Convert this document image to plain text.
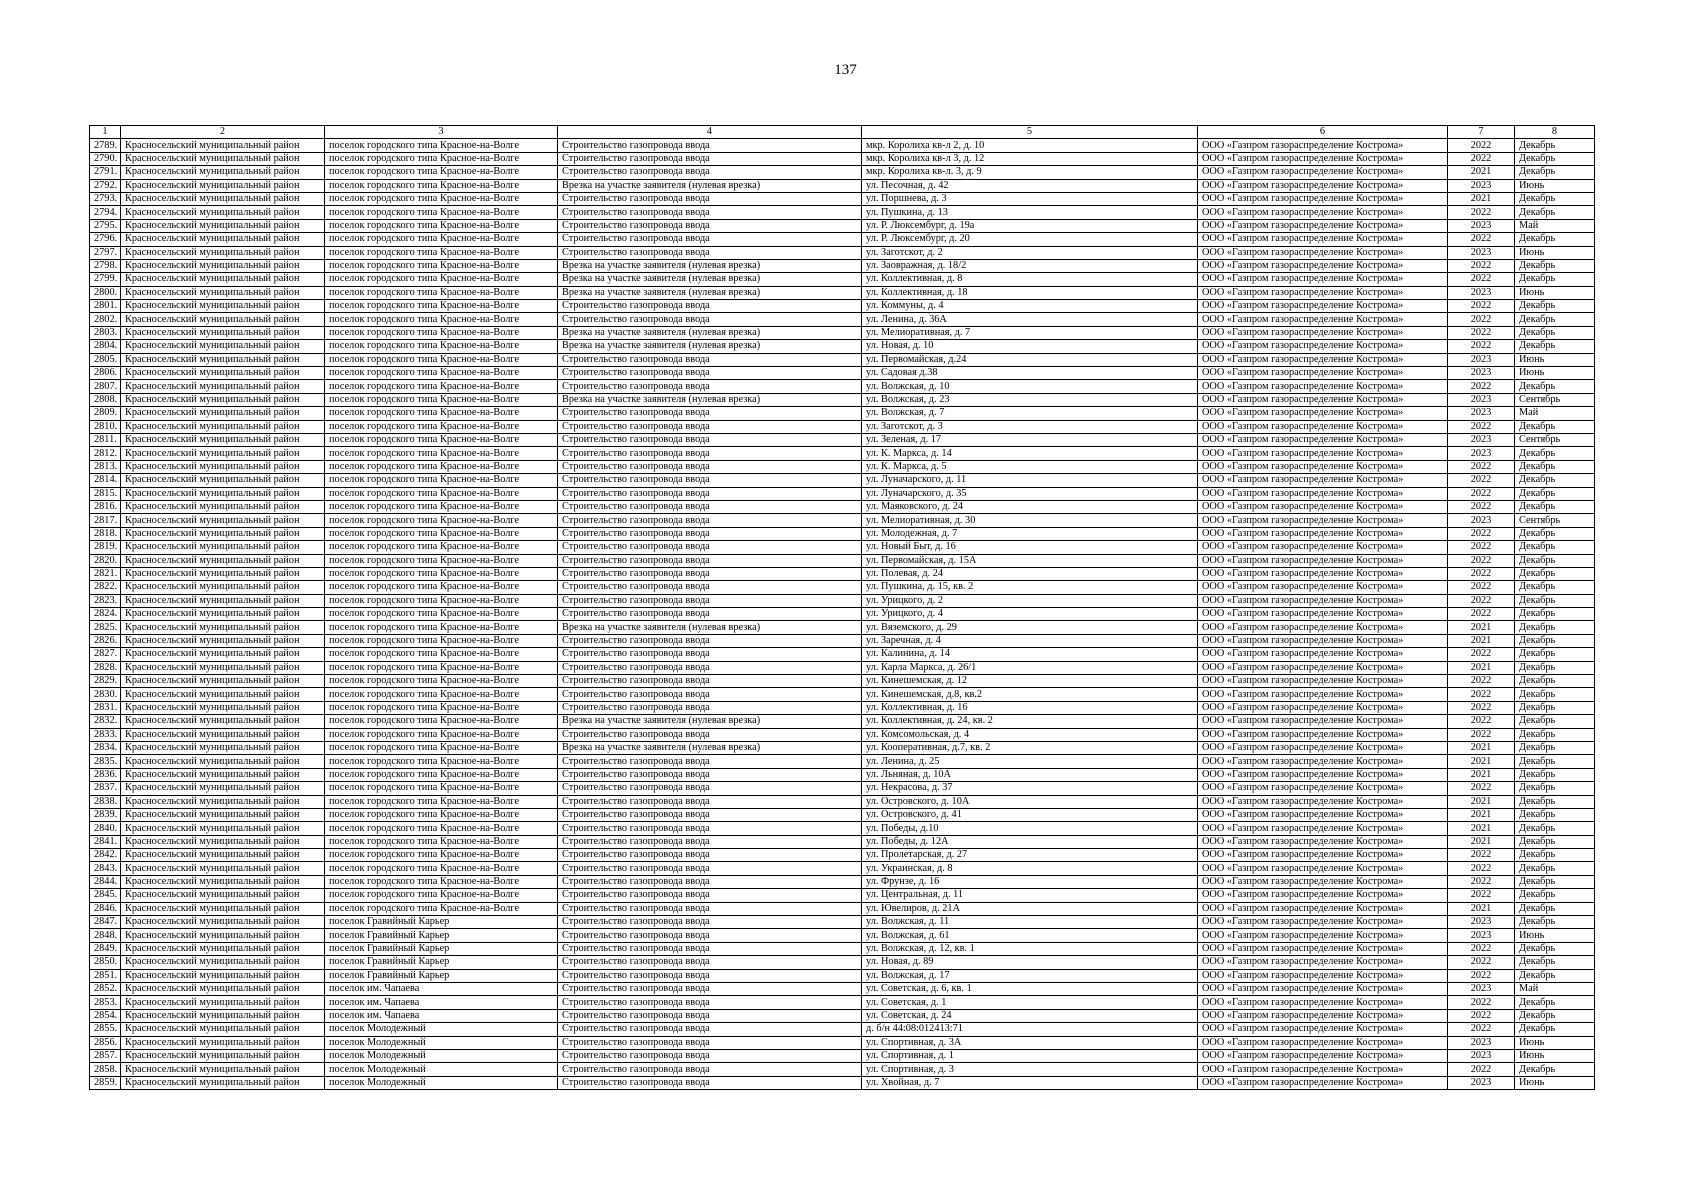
137
1	2	3	4	5	6	7	8
2789.	Красносельский муниципальный район	поселок городского типа Красное-на-Волге	Строительство газопровода ввода	мкр. Королиха кв-л 2, д. 10	ООО «Газпром газораспределение Кострома»	2022	Декабрь
2790.	Красносельский муниципальный район	поселок городского типа Красное-на-Волге	Строительство газопровода ввода	мкр. Королиха кв-л 3, д. 12	ООО «Газпром газораспределение Кострома»	2022	Декабрь
2791.	Красносельский муниципальный район	поселок городского типа Красное-на-Волге	Строительство газопровода ввода	мкр. Королиха кв-л. 3, д. 9	ООО «Газпром газораспределение Кострома»	2021	Декабрь
2792.	Красносельский муниципальный район	поселок городского типа Красное-на-Волге	Врезка на участке заявителя (нулевая врезка)	ул. Песочная, д. 42	ООО «Газпром газораспределение Кострома»	2023	Июнь
2793.	Красносельский муниципальный район	поселок городского типа Красное-на-Волге	Строительство газопровода ввода	ул. Поршнева, д. 3	ООО «Газпром газораспределение Кострома»	2021	Декабрь
2794.	Красносельский муниципальный район	поселок городского типа Красное-на-Волге	Строительство газопровода ввода	ул. Пушкина, д. 13	ООО «Газпром газораспределение Кострома»	2022	Декабрь
2795.	Красносельский муниципальный район	поселок городского типа Красное-на-Волге	Строительство газопровода ввода	ул. Р. Люксембург, д. 19а	ООО «Газпром газораспределение Кострома»	2023	Май
2796.	Красносельский муниципальный район	поселок городского типа Красное-на-Волге	Строительство газопровода ввода	ул. Р. Люксембург, д. 20	ООО «Газпром газораспределение Кострома»	2022	Декабрь
2797.	Красносельский муниципальный район	поселок городского типа Красное-на-Волге	Строительство газопровода ввода	ул. Заготскот, д. 2	ООО «Газпром газораспределение Кострома»	2023	Июнь
2798.	Красносельский муниципальный район	поселок городского типа Красное-на-Волге	Врезка на участке заявителя (нулевая врезка)	ул. Заовражная, д. 18/2	ООО «Газпром газораспределение Кострома»	2022	Декабрь
2799.	Красносельский муниципальный район	поселок городского типа Красное-на-Волге	Врезка на участке заявителя (нулевая врезка)	ул. Коллективная, д. 8	ООО «Газпром газораспределение Кострома»	2022	Декабрь
2800.	Красносельский муниципальный район	поселок городского типа Красное-на-Волге	Врезка на участке заявителя (нулевая врезка)	ул. Коллективная, д. 18	ООО «Газпром газораспределение Кострома»	2023	Июнь
2801.	Красносельский муниципальный район	поселок городского типа Красное-на-Волге	Строительство газопровода ввода	ул. Коммуны, д. 4	ООО «Газпром газораспределение Кострома»	2022	Декабрь
2802.	Красносельский муниципальный район	поселок городского типа Красное-на-Волге	Строительство газопровода ввода	ул. Ленина, д. 36А	ООО «Газпром газораспределение Кострома»	2022	Декабрь
2803.	Красносельский муниципальный район	поселок городского типа Красное-на-Волге	Врезка на участке заявителя (нулевая врезка)	ул. Мелиоративная, д. 7	ООО «Газпром газораспределение Кострома»	2022	Декабрь
2804.	Красносельский муниципальный район	поселок городского типа Красное-на-Волге	Врезка на участке заявителя (нулевая врезка)	ул. Новая, д. 10	ООО «Газпром газораспределение Кострома»	2022	Декабрь
2805.	Красносельский муниципальный район	поселок городского типа Красное-на-Волге	Строительство газопровода ввода	ул. Первомайская, д.24	ООО «Газпром газораспределение Кострома»	2023	Июнь
2806.	Красносельский муниципальный район	поселок городского типа Красное-на-Волге	Строительство газопровода ввода	ул. Садовая д.38	ООО «Газпром газораспределение Кострома»	2023	Июнь
2807.	Красносельский муниципальный район	поселок городского типа Красное-на-Волге	Строительство газопровода ввода	ул. Волжская, д. 10	ООО «Газпром газораспределение Кострома»	2022	Декабрь
2808.	Красносельский муниципальный район	поселок городского типа Красное-на-Волге	Врезка на участке заявителя (нулевая врезка)	ул. Волжская, д. 23	ООО «Газпром газораспределение Кострома»	2023	Сентябрь
2809.	Красносельский муниципальный район	поселок городского типа Красное-на-Волге	Строительство газопровода ввода	ул. Волжская, д. 7	ООО «Газпром газораспределение Кострома»	2023	Май
2810.	Красносельский муниципальный район	поселок городского типа Красное-на-Волге	Строительство газопровода ввода	ул. Заготскот, д. 3	ООО «Газпром газораспределение Кострома»	2022	Декабрь
2811.	Красносельский муниципальный район	поселок городского типа Красное-на-Волге	Строительство газопровода ввода	ул. Зеленая, д. 17	ООО «Газпром газораспределение Кострома»	2023	Сентябрь
2812.	Красносельский муниципальный район	поселок городского типа Красное-на-Волге	Строительство газопровода ввода	ул. К. Маркса, д. 14	ООО «Газпром газораспределение Кострома»	2023	Декабрь
2813.	Красносельский муниципальный район	поселок городского типа Красное-на-Волге	Строительство газопровода ввода	ул. К. Маркса, д. 5	ООО «Газпром газораспределение Кострома»	2022	Декабрь
2814.	Красносельский муниципальный район	поселок городского типа Красное-на-Волге	Строительство газопровода ввода	ул. Луначарского, д. 11	ООО «Газпром газораспределение Кострома»	2022	Декабрь
2815.	Красносельский муниципальный район	поселок городского типа Красное-на-Волге	Строительство газопровода ввода	ул. Луначарского, д. 35	ООО «Газпром газораспределение Кострома»	2022	Декабрь
2816.	Красносельский муниципальный район	поселок городского типа Красное-на-Волге	Строительство газопровода ввода	ул. Маяковского, д. 24	ООО «Газпром газораспределение Кострома»	2022	Декабрь
2817.	Красносельский муниципальный район	поселок городского типа Красное-на-Волге	Строительство газопровода ввода	ул. Мелиоративная, д. 30	ООО «Газпром газораспределение Кострома»	2023	Сентябрь
2818.	Красносельский муниципальный район	поселок городского типа Красное-на-Волге	Строительство газопровода ввода	ул. Молодежная, д. 7	ООО «Газпром газораспределение Кострома»	2022	Декабрь
2819.	Красносельский муниципальный район	поселок городского типа Красное-на-Волге	Строительство газопровода ввода	ул. Новый Быт, д. 16	ООО «Газпром газораспределение Кострома»	2022	Декабрь
2820.	Красносельский муниципальный район	поселок городского типа Красное-на-Волге	Строительство газопровода ввода	ул. Первомайская, д. 15А	ООО «Газпром газораспределение Кострома»	2022	Декабрь
2821.	Красносельский муниципальный район	поселок городского типа Красное-на-Волге	Строительство газопровода ввода	ул. Полевая, д. 24	ООО «Газпром газораспределение Кострома»	2022	Декабрь
2822.	Красносельский муниципальный район	поселок городского типа Красное-на-Волге	Строительство газопровода ввода	ул. Пушкина, д. 15, кв. 2	ООО «Газпром газораспределение Кострома»	2022	Декабрь
2823.	Красносельский муниципальный район	поселок городского типа Красное-на-Волге	Строительство газопровода ввода	ул. Урицкого, д. 2	ООО «Газпром газораспределение Кострома»	2022	Декабрь
2824.	Красносельский муниципальный район	поселок городского типа Красное-на-Волге	Строительство газопровода ввода	ул. Урицкого, д. 4	ООО «Газпром газораспределение Кострома»	2022	Декабрь
2825.	Красносельский муниципальный район	поселок городского типа Красное-на-Волге	Врезка на участке заявителя (нулевая врезка)	ул. Вяземского, д. 29	ООО «Газпром газораспределение Кострома»	2021	Декабрь
2826.	Красносельский муниципальный район	поселок городского типа Красное-на-Волге	Строительство газопровода ввода	ул. Заречная, д. 4	ООО «Газпром газораспределение Кострома»	2021	Декабрь
2827.	Красносельский муниципальный район	поселок городского типа Красное-на-Волге	Строительство газопровода ввода	ул. Калинина, д. 14	ООО «Газпром газораспределение Кострома»	2022	Декабрь
2828.	Красносельский муниципальный район	поселок городского типа Красное-на-Волге	Строительство газопровода ввода	ул. Карла Маркса, д. 26/1	ООО «Газпром газораспределение Кострома»	2021	Декабрь
2829.	Красносельский муниципальный район	поселок городского типа Красное-на-Волге	Строительство газопровода ввода	ул. Кинешемская, д. 12	ООО «Газпром газораспределение Кострома»	2022	Декабрь
2830.	Красносельский муниципальный район	поселок городского типа Красное-на-Волге	Строительство газопровода ввода	ул. Кинешемская, д.8, кв.2	ООО «Газпром газораспределение Кострома»	2022	Декабрь
2831.	Красносельский муниципальный район	поселок городского типа Красное-на-Волге	Строительство газопровода ввода	ул. Коллективная, д. 16	ООО «Газпром газораспределение Кострома»	2022	Декабрь
2832.	Красносельский муниципальный район	поселок городского типа Красное-на-Волге	Врезка на участке заявителя (нулевая врезка)	ул. Коллективная, д. 24, кв. 2	ООО «Газпром газораспределение Кострома»	2022	Декабрь
2833.	Красносельский муниципальный район	поселок городского типа Красное-на-Волге	Строительство газопровода ввода	ул. Комсомольская, д. 4	ООО «Газпром газораспределение Кострома»	2022	Декабрь
2834.	Красносельский муниципальный район	поселок городского типа Красное-на-Волге	Врезка на участке заявителя (нулевая врезка)	ул. Кооперативная, д.7, кв. 2	ООО «Газпром газораспределение Кострома»	2021	Декабрь
2835.	Красносельский муниципальный район	поселок городского типа Красное-на-Волге	Строительство газопровода ввода	ул. Ленина, д. 25	ООО «Газпром газораспределение Кострома»	2021	Декабрь
2836.	Красносельский муниципальный район	поселок городского типа Красное-на-Волге	Строительство газопровода ввода	ул. Льняная, д. 10А	ООО «Газпром газораспределение Кострома»	2021	Декабрь
2837.	Красносельский муниципальный район	поселок городского типа Красное-на-Волге	Строительство газопровода ввода	ул. Некрасова, д. 37	ООО «Газпром газораспределение Кострома»	2022	Декабрь
2838.	Красносельский муниципальный район	поселок городского типа Красное-на-Волге	Строительство газопровода ввода	ул. Островского, д. 10А	ООО «Газпром газораспределение Кострома»	2021	Декабрь
2839.	Красносельский муниципальный район	поселок городского типа Красное-на-Волге	Строительство газопровода ввода	ул. Островского, д. 41	ООО «Газпром газораспределение Кострома»	2021	Декабрь
2840.	Красносельский муниципальный район	поселок городского типа Красное-на-Волге	Строительство газопровода ввода	ул. Победы, д.10	ООО «Газпром газораспределение Кострома»	2021	Декабрь
2841.	Красносельский муниципальный район	поселок городского типа Красное-на-Волге	Строительство газопровода ввода	ул. Победы, д. 12А	ООО «Газпром газораспределение Кострома»	2021	Декабрь
2842.	Красносельский муниципальный район	поселок городского типа Красное-на-Волге	Строительство газопровода ввода	ул. Пролетарская, д. 27	ООО «Газпром газораспределение Кострома»	2022	Декабрь
2843.	Красносельский муниципальный район	поселок городского типа Красное-на-Волге	Строительство газопровода ввода	ул. Украинская, д. 8	ООО «Газпром газораспределение Кострома»	2022	Декабрь
2844.	Красносельский муниципальный район	поселок городского типа Красное-на-Волге	Строительство газопровода ввода	ул. Фрунзе, д. 16	ООО «Газпром газораспределение Кострома»	2022	Декабрь
2845.	Красносельский муниципальный район	поселок городского типа Красное-на-Волге	Строительство газопровода ввода	ул. Центральная, д. 11	ООО «Газпром газораспределение Кострома»	2022	Декабрь
2846.	Красносельский муниципальный район	поселок городского типа Красное-на-Волге	Строительство газопровода ввода	ул. Ювелиров, д. 21А	ООО «Газпром газораспределение Кострома»	2021	Декабрь
2847.	Красносельский муниципальный район	поселок Гравийный Карьер	Строительство газопровода ввода	ул. Волжская, д. 11	ООО «Газпром газораспределение Кострома»	2023	Декабрь
2848.	Красносельский муниципальный район	поселок Гравийный Карьер	Строительство газопровода ввода	ул. Волжская, д. 61	ООО «Газпром газораспределение Кострома»	2023	Июнь
2849.	Красносельский муниципальный район	поселок Гравийный Карьер	Строительство газопровода ввода	ул. Волжская, д. 12, кв. 1	ООО «Газпром газораспределение Кострома»	2022	Декабрь
2850.	Красносельский муниципальный район	поселок Гравийный Карьер	Строительство газопровода ввода	ул. Новая, д. 89	ООО «Газпром газораспределение Кострома»	2022	Декабрь
2851.	Красносельский муниципальный район	поселок Гравийный Карьер	Строительство газопровода ввода	ул. Волжская, д. 17	ООО «Газпром газораспределение Кострома»	2022	Декабрь
2852.	Красносельский муниципальный район	поселок им. Чапаева	Строительство газопровода ввода	ул. Советская, д. 6, кв. 1	ООО «Газпром газораспределение Кострома»	2023	Май
2853.	Красносельский муниципальный район	поселок им. Чапаева	Строительство газопровода ввода	ул. Советская, д. 1	ООО «Газпром газораспределение Кострома»	2022	Декабрь
2854.	Красносельский муниципальный район	поселок им. Чапаева	Строительство газопровода ввода	ул. Советская, д. 24	ООО «Газпром газораспределение Кострома»	2022	Декабрь
2855.	Красносельский муниципальный район	поселок Молодежный	Строительство газопровода ввода	д. б/н 44:08:012413:71	ООО «Газпром газораспределение Кострома»	2022	Декабрь
2856.	Красносельский муниципальный район	поселок Молодежный	Строительство газопровода ввода	ул. Спортивная, д. 3А	ООО «Газпром газораспределение Кострома»	2023	Июнь
2857.	Красносельский муниципальный район	поселок Молодежный	Строительство газопровода ввода	ул. Спортивная, д. 1	ООО «Газпром газораспределение Кострома»	2023	Июнь
2858.	Красносельский муниципальный район	поселок Молодежный	Строительство газопровода ввода	ул. Спортивная, д. 3	ООО «Газпром газораспределение Кострома»	2022	Декабрь
2859.	Красносельский муниципальный район	поселок Молодежный	Строительство газопровода ввода	ул. Хвойная, д. 7	ООО «Газпром газораспределение Кострома»	2023	Июнь
